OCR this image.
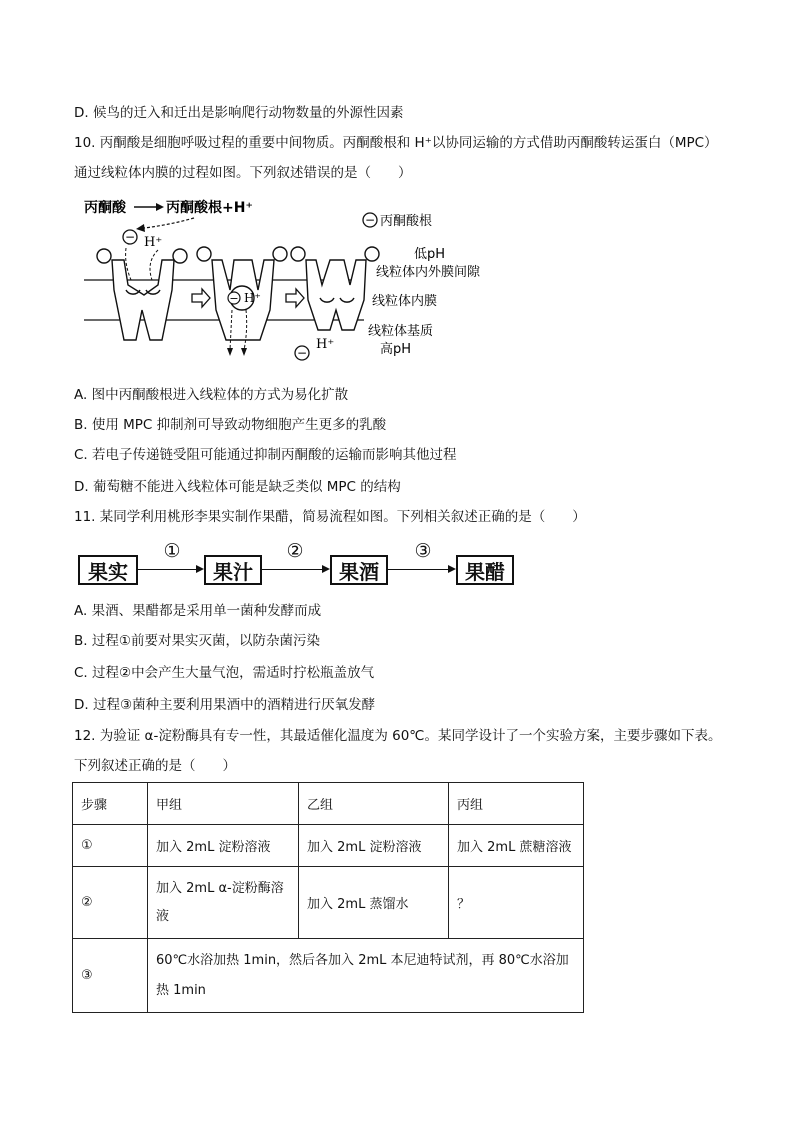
D. 候鸟的迁入和迁出是影响爬行动物数量的外源性因素
10. 丙酮酸是细胞呼吸过程的重要中间物质。丙酮酸根和 H⁺以协同运输的方式借助丙酮酸转运蛋白（MPC）
通过线粒体内膜的过程如图。下列叙述错误的是（　　）
丙酮酸	丙酮酸根+H⁺
− 丙酮酸根
低pH
线粒体内外膜间隙
线粒体内膜
线粒体基质
高pH
− H⁺
− H⁺
−
H⁺
A. 图中丙酮酸根进入线粒体的方式为易化扩散
B. 使用 MPC 抑制剂可导致动物细胞产生更多的乳酸
C. 若电子传递链受阻可能通过抑制丙酮酸的运输而影响其他过程
D. 葡萄糖不能进入线粒体可能是缺乏类似 MPC 的结构
11. 某同学利用桃形李果实制作果醋，简易流程如图。下列相关叙述正确的是（　　）
果实
①
果汁
②
果酒
③
果醋
A. 果酒、果醋都是采用单一菌种发酵而成
B. 过程①前要对果实灭菌，以防杂菌污染
C. 过程②中会产生大量气泡，需适时拧松瓶盖放气
D. 过程③菌种主要利用果酒中的酒精进行厌氧发酵
12. 为验证 α-淀粉酶具有专一性，其最适催化温度为 60℃。某同学设计了一个实验方案，主要步骤如下表。
下列叙述正确的是（　　）
步骤	甲组	乙组	丙组
①	加入 2mL 淀粉溶液	加入 2mL 淀粉溶液	加入 2mL 蔗糖溶液
②	加入 2mL α-淀粉酶溶液	加入 2mL 蒸馏水	？
③	60℃水浴加热 1min，然后各加入 2mL 本尼迪特试剂，再 80℃水浴加热 1min		
